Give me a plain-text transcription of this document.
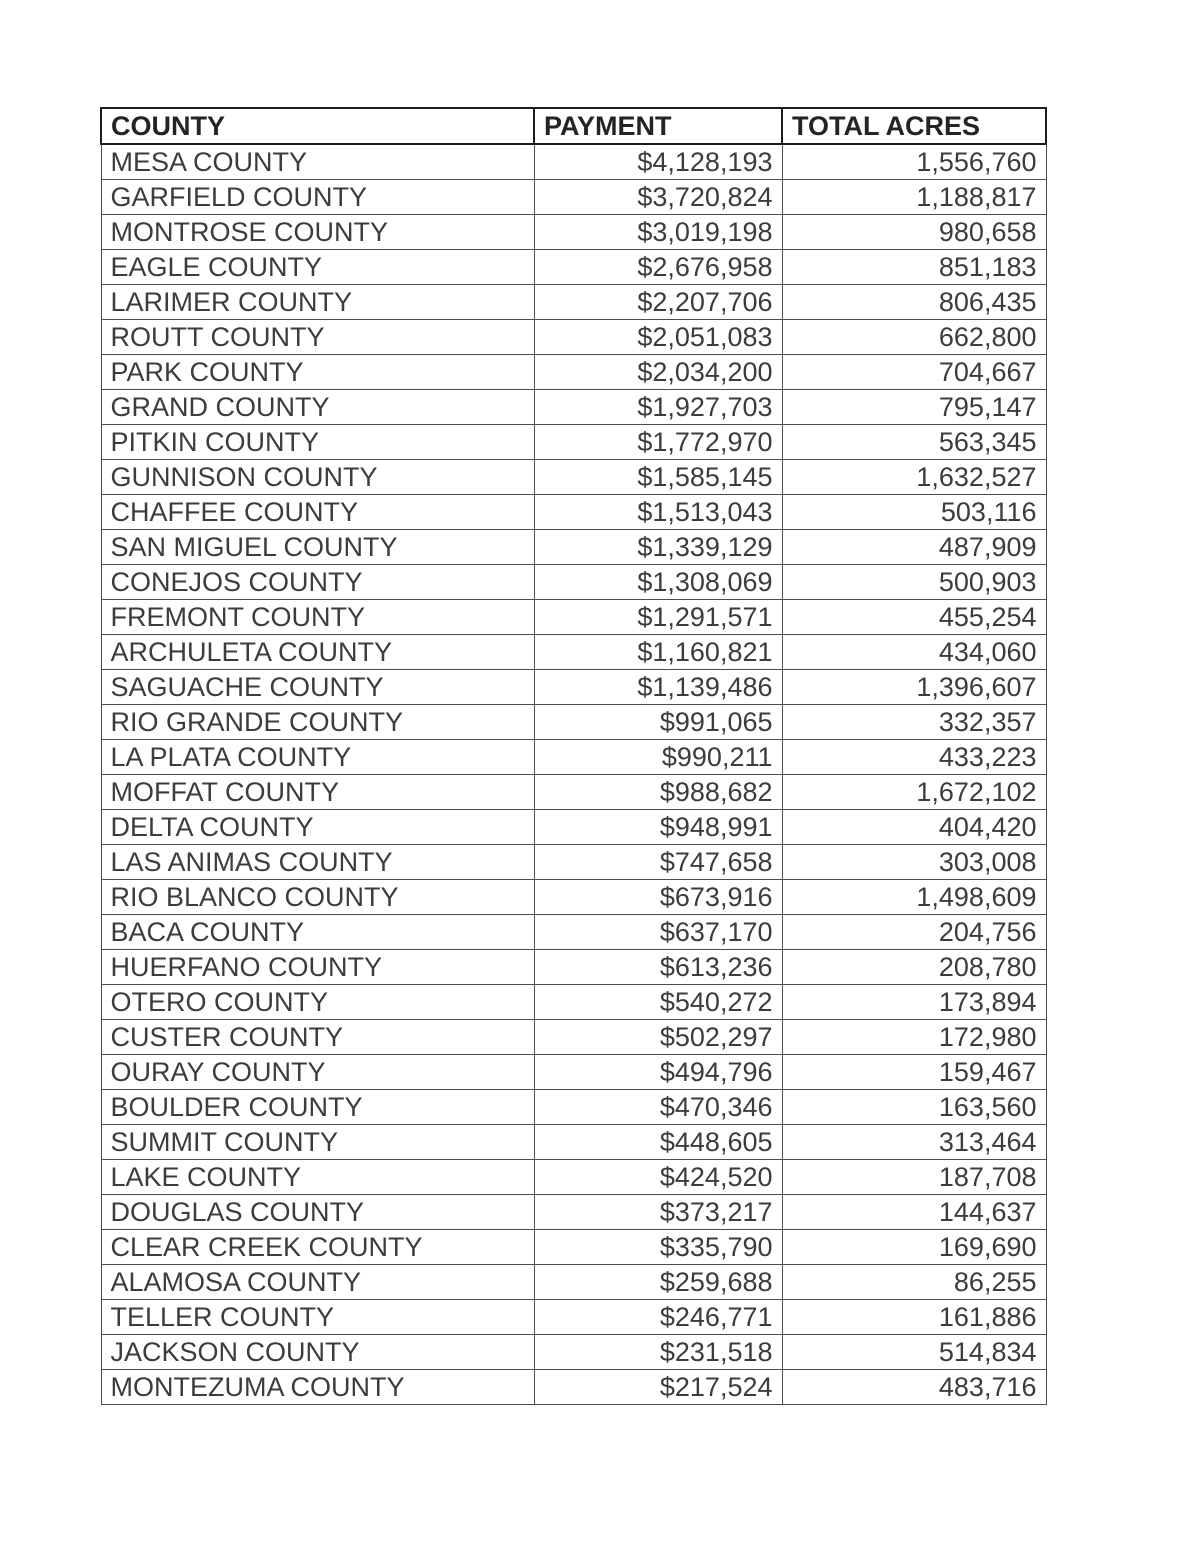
COUNTY	PAYMENT	TOTAL ACRES
MESA COUNTY	$4,128,193	1,556,760
GARFIELD COUNTY	$3,720,824	1,188,817
MONTROSE COUNTY	$3,019,198	980,658
EAGLE COUNTY	$2,676,958	851,183
LARIMER COUNTY	$2,207,706	806,435
ROUTT COUNTY	$2,051,083	662,800
PARK COUNTY	$2,034,200	704,667
GRAND COUNTY	$1,927,703	795,147
PITKIN COUNTY	$1,772,970	563,345
GUNNISON COUNTY	$1,585,145	1,632,527
CHAFFEE COUNTY	$1,513,043	503,116
SAN MIGUEL COUNTY	$1,339,129	487,909
CONEJOS COUNTY	$1,308,069	500,903
FREMONT COUNTY	$1,291,571	455,254
ARCHULETA COUNTY	$1,160,821	434,060
SAGUACHE COUNTY	$1,139,486	1,396,607
RIO GRANDE COUNTY	$991,065	332,357
LA PLATA COUNTY	$990,211	433,223
MOFFAT COUNTY	$988,682	1,672,102
DELTA COUNTY	$948,991	404,420
LAS ANIMAS COUNTY	$747,658	303,008
RIO BLANCO COUNTY	$673,916	1,498,609
BACA COUNTY	$637,170	204,756
HUERFANO COUNTY	$613,236	208,780
OTERO COUNTY	$540,272	173,894
CUSTER COUNTY	$502,297	172,980
OURAY COUNTY	$494,796	159,467
BOULDER COUNTY	$470,346	163,560
SUMMIT COUNTY	$448,605	313,464
LAKE COUNTY	$424,520	187,708
DOUGLAS COUNTY	$373,217	144,637
CLEAR CREEK COUNTY	$335,790	169,690
ALAMOSA COUNTY	$259,688	86,255
TELLER COUNTY	$246,771	161,886
JACKSON COUNTY	$231,518	514,834
MONTEZUMA COUNTY	$217,524	483,716
